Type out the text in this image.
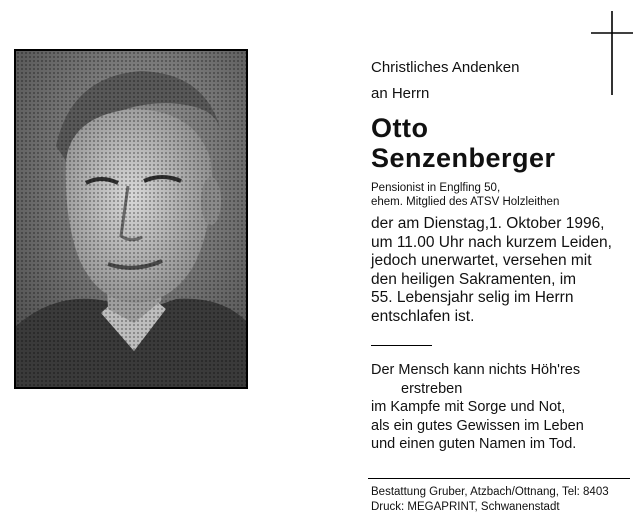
Christliches Andenken
an Herrn
Otto
Senzenberger
Pensionist in Englfing 50,
ehem. Mitglied des ATSV Holzleithen
der am Dienstag,1. Oktober 1996,
um 11.00 Uhr nach kurzem Leiden,
jedoch unerwartet, versehen mit
den heiligen Sakramenten, im
55. Lebensjahr selig im Herrn
entschlafen ist.
Der Mensch kann nichts Höh'res
erstreben
im Kampfe mit Sorge und Not,
als ein gutes Gewissen im Leben
und einen guten Namen im Tod.
Bestattung Gruber, Atzbach/Ottnang, Tel: 8403
Druck: MEGAPRINT, Schwanenstadt
